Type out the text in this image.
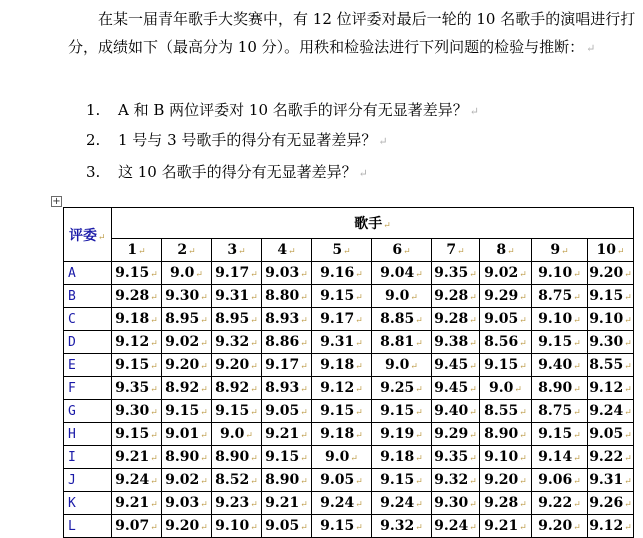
在某一届青年歌手大奖赛中，有 12 位评委对最后一轮的 10 名歌手的演唱进行打分，成绩如下（最高分为 10 分）。用秩和检验法进行下列问题的检验与推断： ↵

1. A 和 B 两位评委对 10 名歌手的评分有无显著差异？ ↵
2. 1 号与 3 号歌手的得分有无显著差异？ ↵
3. 这 10 名歌手的得分有无显著差异？ ↵
+
评委↵	歌手↵									
	1↵	2↵	3↵	4↵	5↵	6↵	7↵	8↵	9↵	10↵
A	9.15↵	9.0↵	9.17↵	9.03↵	9.16↵	9.04↵	9.35↵	9.02↵	9.10↵	9.20↵
B	9.28↵	9.30↵	9.31↵	8.80↵	9.15↵	9.0↵	9.28↵	9.29↵	8.75↵	9.15↵
C	9.18↵	8.95↵	8.95↵	8.93↵	9.17↵	8.85↵	9.28↵	9.05↵	9.10↵	9.10↵
D	9.12↵	9.02↵	9.32↵	8.86↵	9.31↵	8.81↵	9.38↵	8.56↵	9.15↵	9.30↵
E	9.15↵	9.20↵	9.20↵	9.17↵	9.18↵	9.0↵	9.45↵	9.15↵	9.40↵	8.55↵
F	9.35↵	8.92↵	8.92↵	8.93↵	9.12↵	9.25↵	9.45↵	9.0↵	8.90↵	9.12↵
G	9.30↵	9.15↵	9.15↵	9.05↵	9.15↵	9.15↵	9.40↵	8.55↵	8.75↵	9.24↵
H	9.15↵	9.01↵	9.0↵	9.21↵	9.18↵	9.19↵	9.29↵	8.90↵	9.15↵	9.05↵
I	9.21↵	8.90↵	8.90↵	9.15↵	9.0↵	9.18↵	9.35↵	9.10↵	9.14↵	9.22↵
J	9.24↵	9.02↵	8.52↵	8.90↵	9.05↵	9.15↵	9.32↵	9.20↵	9.06↵	9.31↵
K	9.21↵	9.03↵	9.23↵	9.21↵	9.24↵	9.24↵	9.30↵	9.28↵	9.22↵	9.26↵
L	9.07↵	9.20↵	9.10↵	9.05↵	9.15↵	9.32↵	9.24↵	9.21↵	9.20↵	9.12↵
